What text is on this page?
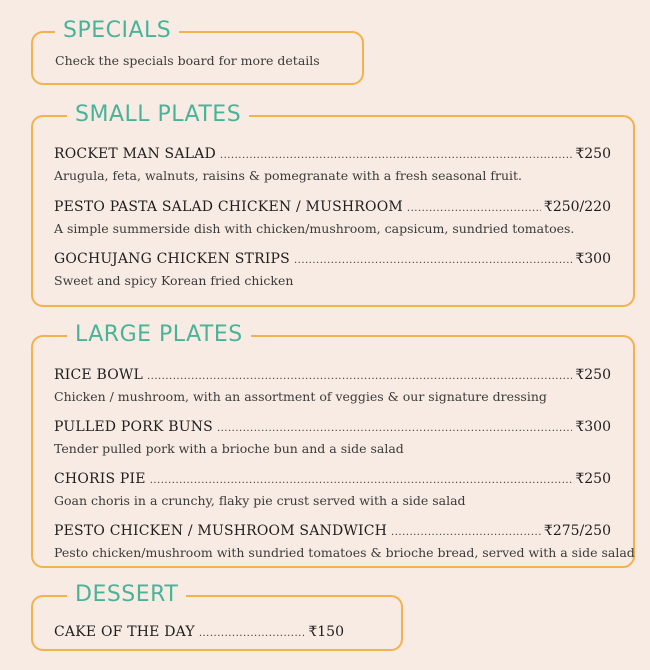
SPECIALS
Check the specials board for more details
SMALL PLATES
ROCKET MAN SALAD .....	₹250
Arugula, feta, walnuts, raisins & pomegranate with a fresh seasonal fruit.
PESTO PASTA SALAD CHICKEN / MUSHROOM .....	₹250/220
A simple summerside dish with chicken/mushroom, capsicum, sundried tomatoes.
GOCHUJANG CHICKEN STRIPS .....	₹300
Sweet and spicy Korean fried chicken
LARGE PLATES
RICE BOWL .....	₹250
Chicken / mushroom, with an assortment of veggies & our signature dressing
PULLED PORK BUNS .....	₹300
Tender pulled pork with a brioche bun and a side salad
CHORIS PIE .....	₹250
Goan choris in a crunchy, flaky pie crust served with a side salad
PESTO CHICKEN / MUSHROOM SANDWICH .....	₹275/250
Pesto chicken/mushroom with sundried tomatoes & brioche bread, served with a side salad
DESSERT
CAKE OF THE DAY .....	₹150
